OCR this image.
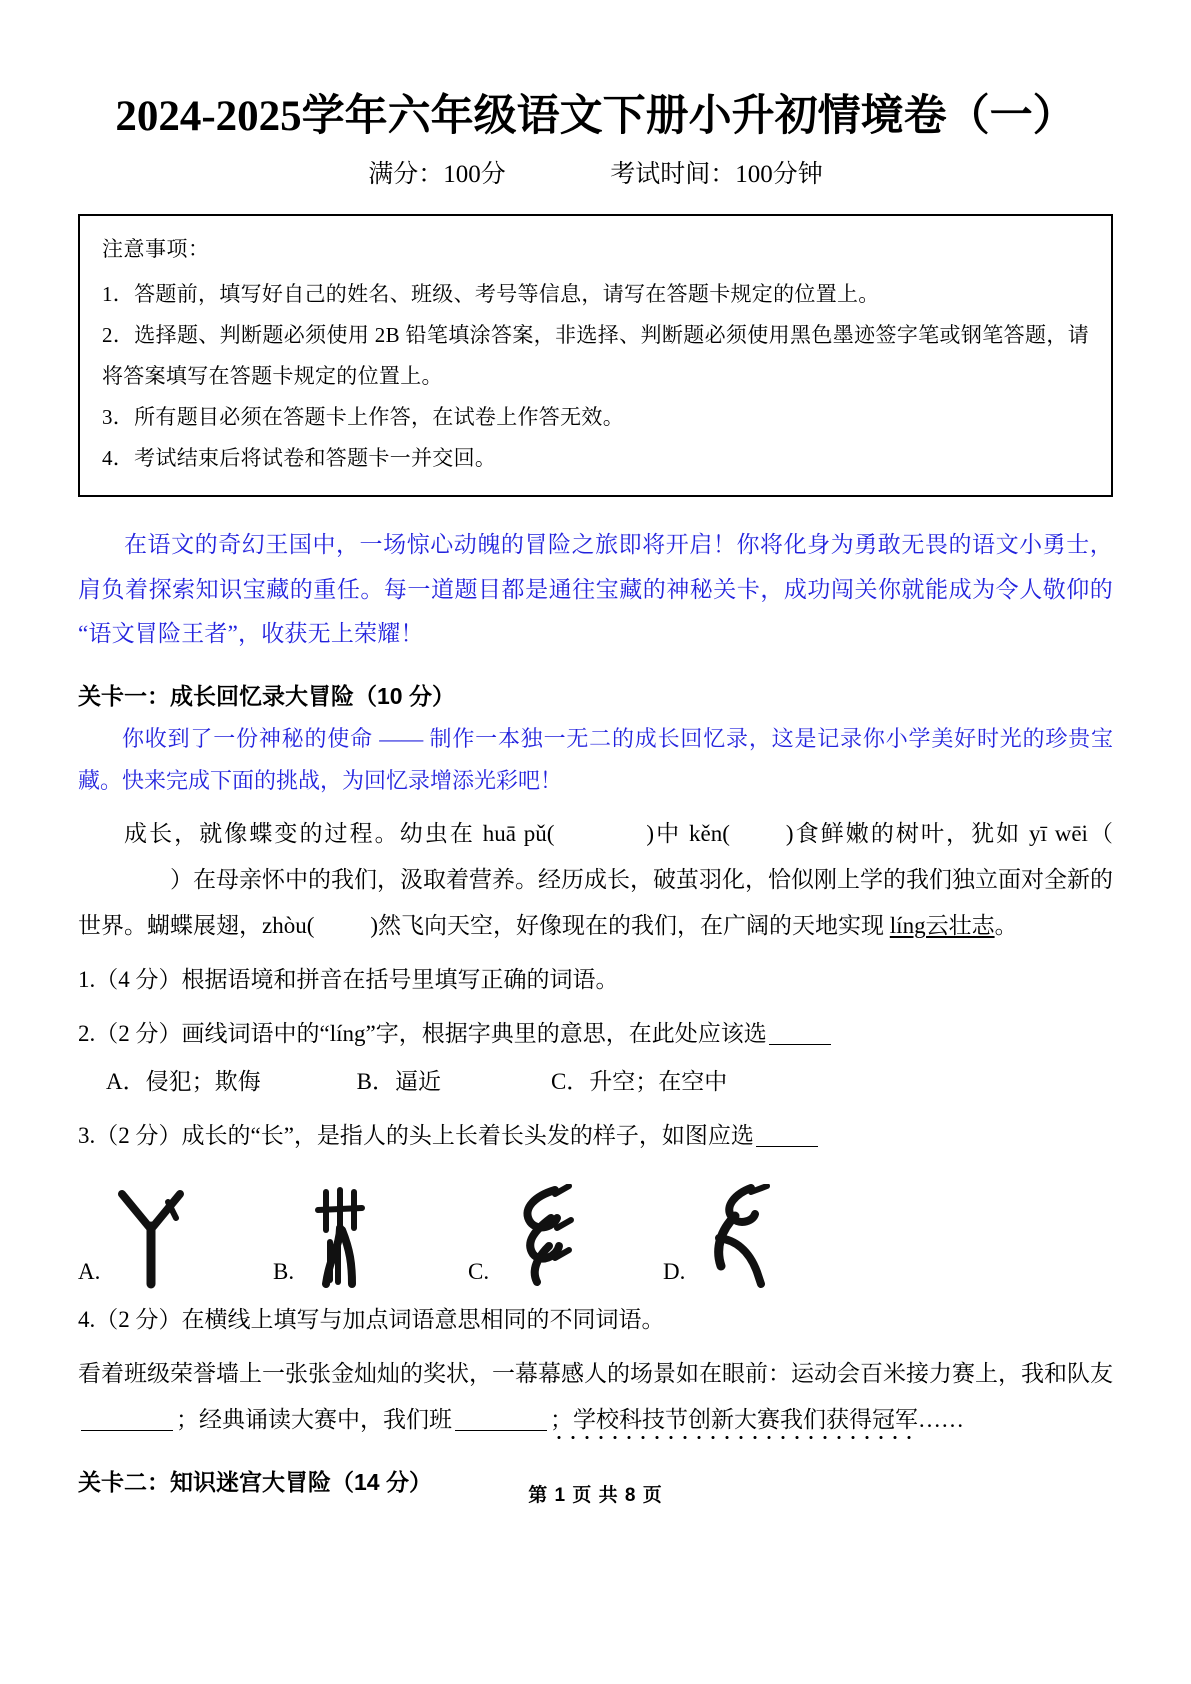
2024-2025学年六年级语文下册小升初情境卷（一）
满分：100分	考试时间：100分钟
注意事项：
1．答题前，填写好自己的姓名、班级、考号等信息，请写在答题卡规定的位置上。
2．选择题、判断题必须使用 2B 铅笔填涂答案，非选择、判断题必须使用黑色墨迹签字笔或钢笔答题，请将答案填写在答题卡规定的位置上。
3．所有题目必须在答题卡上作答，在试卷上作答无效。
4．考试结束后将试卷和答题卡一并交回。
在语文的奇幻王国中，一场惊心动魄的冒险之旅即将开启！你将化身为勇敢无畏的语文小勇士，肩负着探索知识宝藏的重任。每一道题目都是通往宝藏的神秘关卡，成功闯关你就能成为令人敬仰的 “语文冒险王者”，收获无上荣耀！
关卡一：成长回忆录大冒险（10 分）
你收到了一份神秘的使命 —— 制作一本独一无二的成长回忆录，这是记录你小学美好时光的珍贵宝藏。快来完成下面的挑战，为回忆录增添光彩吧！
成长，就像蝶变的过程。幼虫在 huā pǔ(	)中 kěn( )食鲜嫩的树叶，犹如 yī wēi（）在母亲怀中的我们，汲取着营养。经历成长，破茧羽化，恰似刚上学的我们独立面对全新的世界。蝴蝶展翅，zhòu( )然飞向天空，好像现在的我们，在广阔的天地实现 líng云壮志。
1.（4 分）根据语境和拼音在括号里填写正确的词语。
2.（2 分）画线词语中的“líng”字，根据字典里的意思，在此处应该选
A．侵犯；欺侮	B．逼近	C．升空；在空中
3.（2 分）成长的“长”，是指人的头上长着长头发的样子，如图应选
A.	B.	C.	D.
4.（2 分）在横线上填写与加点词语意思相同的不同词语。
看着班级荣誉墙上一张张金灿灿的奖状，一幕幕感人的场景如在眼前：运动会百米接力赛上，我和队友；经典诵读大赛中，我们班	；学校科技节创新大赛我们获得冠军……
关卡二：知识迷宫大冒险（14 分）
第 1 页 共 8 页
